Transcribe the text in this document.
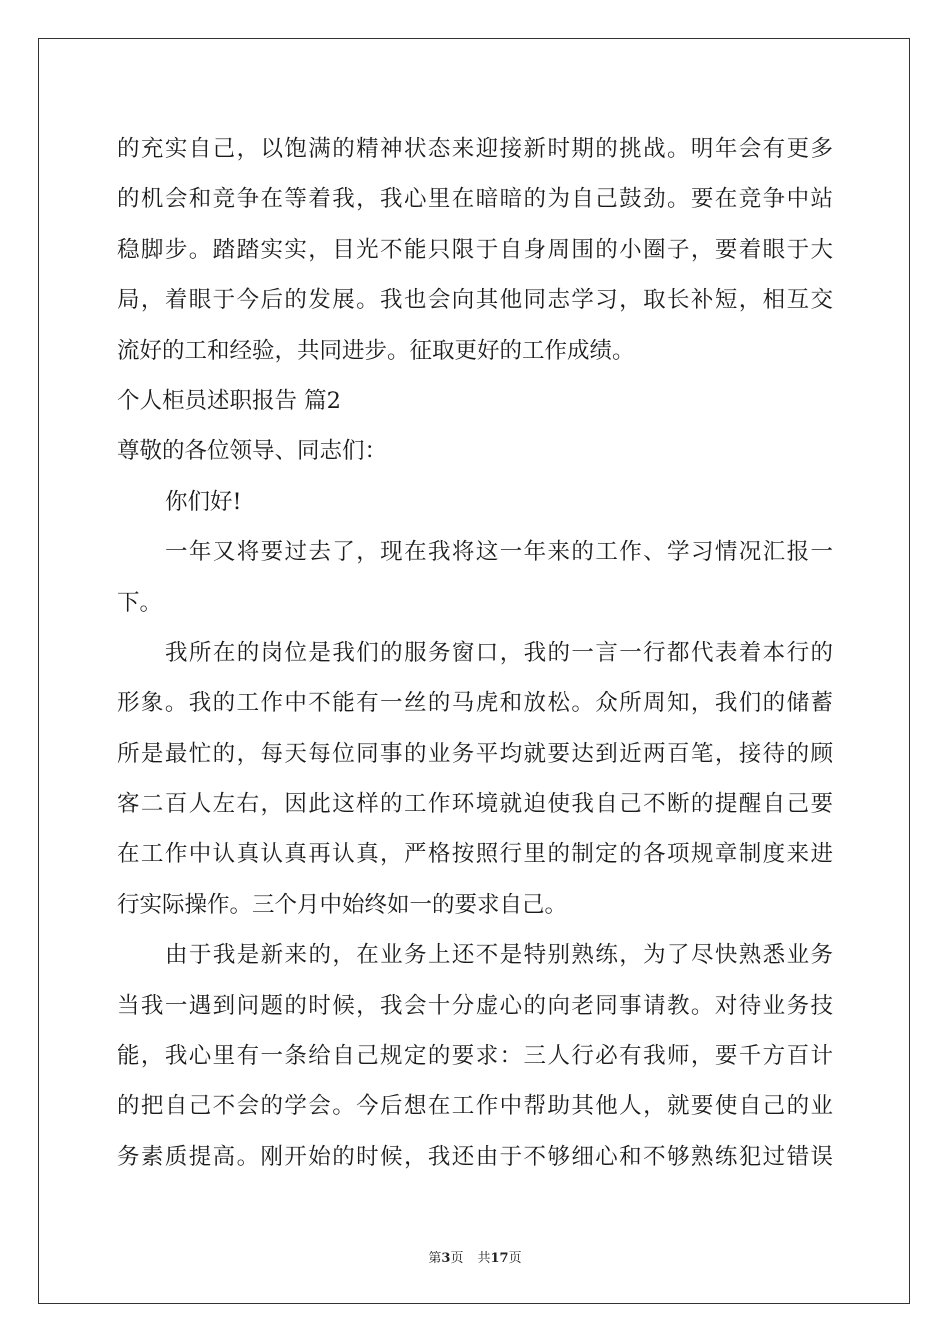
的充实自己，以饱满的精神状态来迎接新时期的挑战。明年会有更多
的机会和竞争在等着我，我心里在暗暗的为自己鼓劲。要在竞争中站
稳脚步。踏踏实实，目光不能只限于自身周围的小圈子，要着眼于大
局，着眼于今后的发展。我也会向其他同志学习，取长补短，相互交
流好的工和经验，共同进步。征取更好的工作成绩。
个人柜员述职报告 篇2
尊敬的各位领导、同志们：
你们好!
一年又将要过去了，现在我将这一年来的工作、学习情况汇报一
下。
我所在的岗位是我们的服务窗口，我的一言一行都代表着本行的
形象。我的工作中不能有一丝的马虎和放松。众所周知，我们的储蓄
所是最忙的，每天每位同事的业务平均就要达到近两百笔，接待的顾
客二百人左右，因此这样的工作环境就迫使我自己不断的提醒自己要
在工作中认真认真再认真，严格按照行里的制定的各项规章制度来进
行实际操作。三个月中始终如一的要求自己。
由于我是新来的，在业务上还不是特别熟练，为了尽快熟悉业务
当我一遇到问题的时候，我会十分虚心的向老同事请教。对待业务技
能，我心里有一条给自己规定的要求：三人行必有我师，要千方百计
的把自己不会的学会。今后想在工作中帮助其他人，就要使自己的业
务素质提高。刚开始的时候，我还由于不够细心和不够熟练犯过错误
第3页 共17页
